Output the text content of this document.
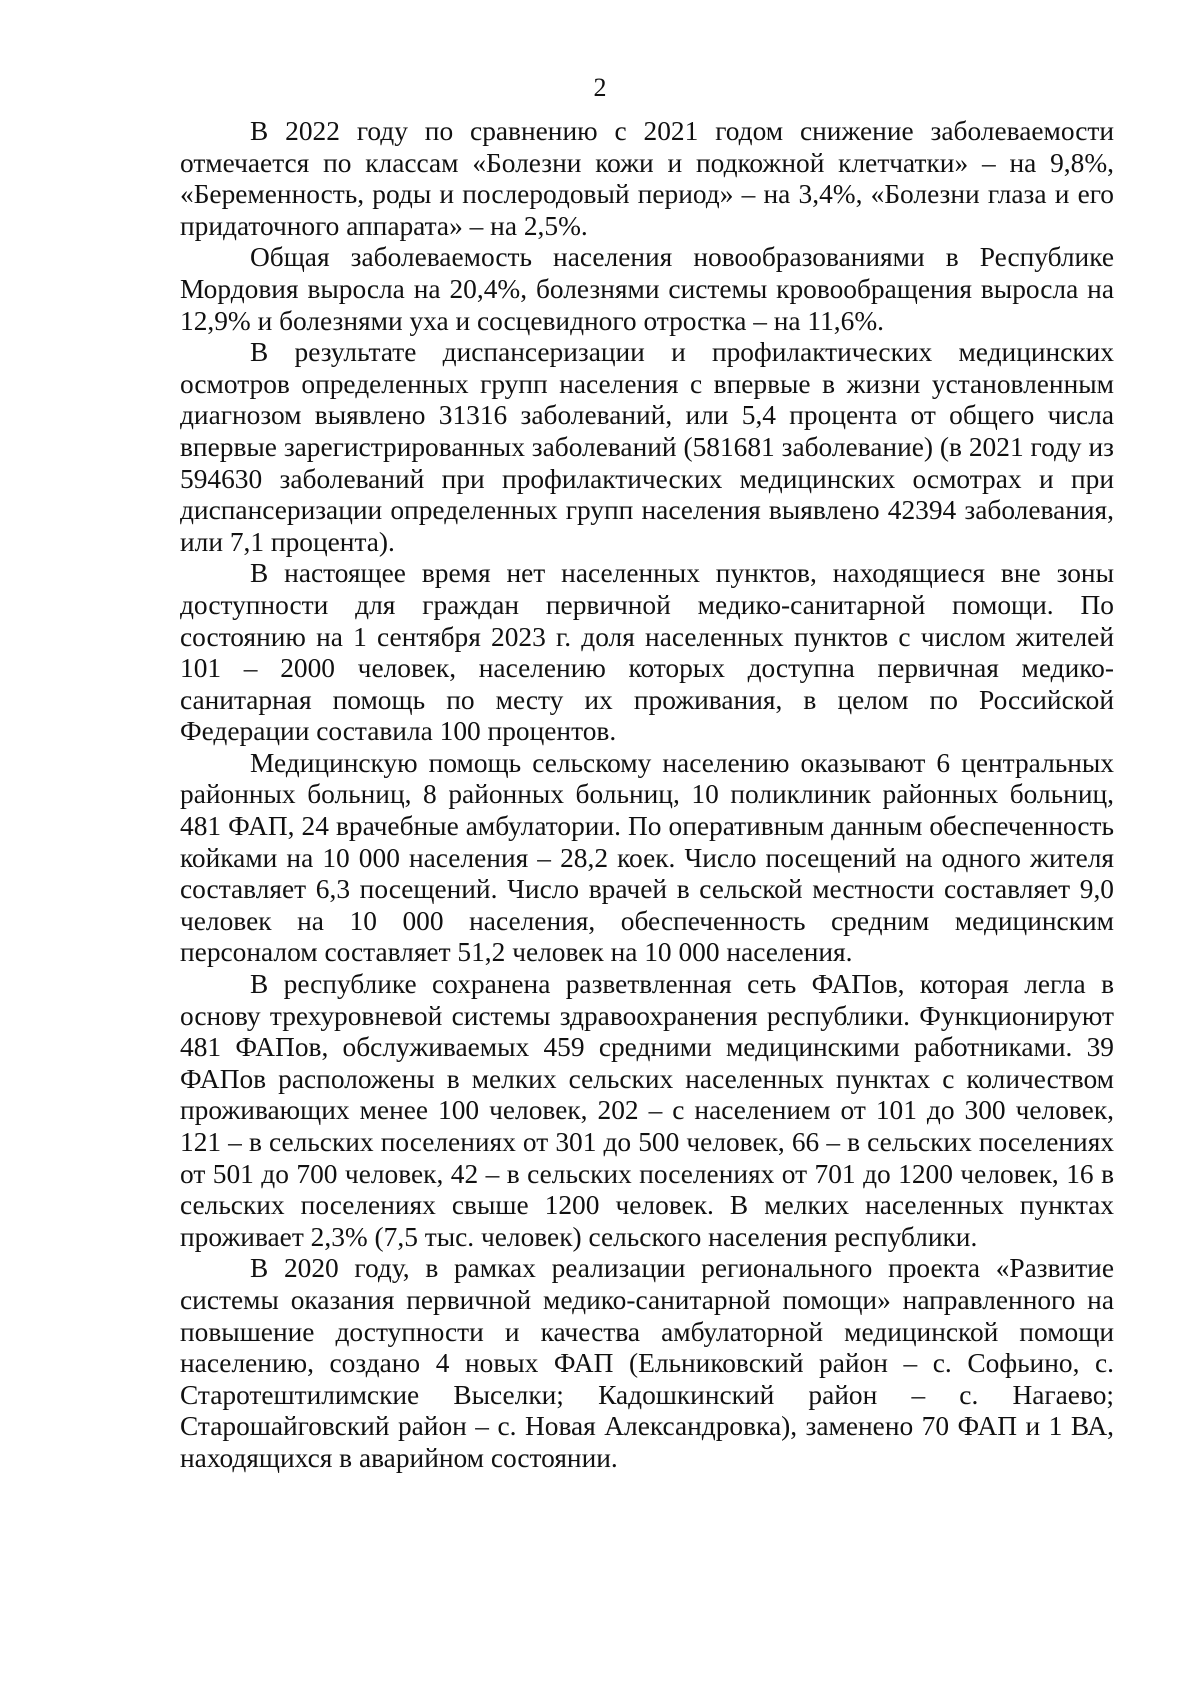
2

В 2022 году по сравнению с 2021 годом снижение заболеваемости отмечается по классам «Болезни кожи и подкожной клетчатки» – на 9,8%, «Беременность, роды и послеродовый период» – на 3,4%, «Болезни глаза и его придаточного аппарата» – на 2,5%.

Общая заболеваемость населения новообразованиями в Республике Мордовия выросла на 20,4%, болезнями системы кровообращения выросла на 12,9% и болезнями уха и сосцевидного отростка – на 11,6%.

В результате диспансеризации и профилактических медицинских осмотров определенных групп населения с впервые в жизни установленным диагнозом выявлено 31316 заболеваний, или 5,4 процента от общего числа впервые зарегистрированных заболеваний (581681 заболевание) (в 2021 году из 594630 заболеваний при профилактических медицинских осмотрах и при диспансеризации определенных групп населения выявлено 42394 заболевания, или 7,1 процента).

В настоящее время нет населенных пунктов, находящиеся вне зоны доступности для граждан первичной медико-санитарной помощи. По состоянию на 1 сентября 2023 г. доля населенных пунктов с числом жителей 101 – 2000 человек, населению которых доступна первичная медико-санитарная помощь по месту их проживания, в целом по Российской Федерации составила 100 процентов.

Медицинскую помощь сельскому населению оказывают 6 центральных районных больниц, 8 районных больниц, 10 поликлиник районных больниц, 481 ФАП, 24 врачебные амбулатории. По оперативным данным обеспеченность койками на 10 000 населения – 28,2 коек. Число посещений на одного жителя составляет 6,3 посещений. Число врачей в сельской местности составляет 9,0 человек на 10 000 населения, обеспеченность средним медицинским персоналом составляет 51,2 человек на 10 000 населения.

В республике сохранена разветвленная сеть ФАПов, которая легла в основу трехуровневой системы здравоохранения республики. Функционируют 481 ФАПов, обслуживаемых 459 средними медицинскими работниками. 39 ФАПов расположены в мелких сельских населенных пунктах с количеством проживающих менее 100 человек, 202 – с населением от 101 до 300 человек, 121 – в сельских поселениях от 301 до 500 человек, 66 – в сельских поселениях от 501 до 700 человек, 42 – в сельских поселениях от 701 до 1200 человек, 16 в сельских поселениях свыше 1200 человек. В мелких населенных пунктах проживает 2,3% (7,5 тыс. человек) сельского населения республики.

В 2020 году, в рамках реализации регионального проекта «Развитие системы оказания первичной медико-санитарной помощи» направленного на повышение доступности и качества амбулаторной медицинской помощи населению, создано 4 новых ФАП (Ельниковский район – с. Софьино, с. Старотештилимские Выселки; Кадошкинский район – с. Нагаево; Старошайговский район – с. Новая Александровка), заменено 70 ФАП и 1 ВА, находящихся в аварийном состоянии.
